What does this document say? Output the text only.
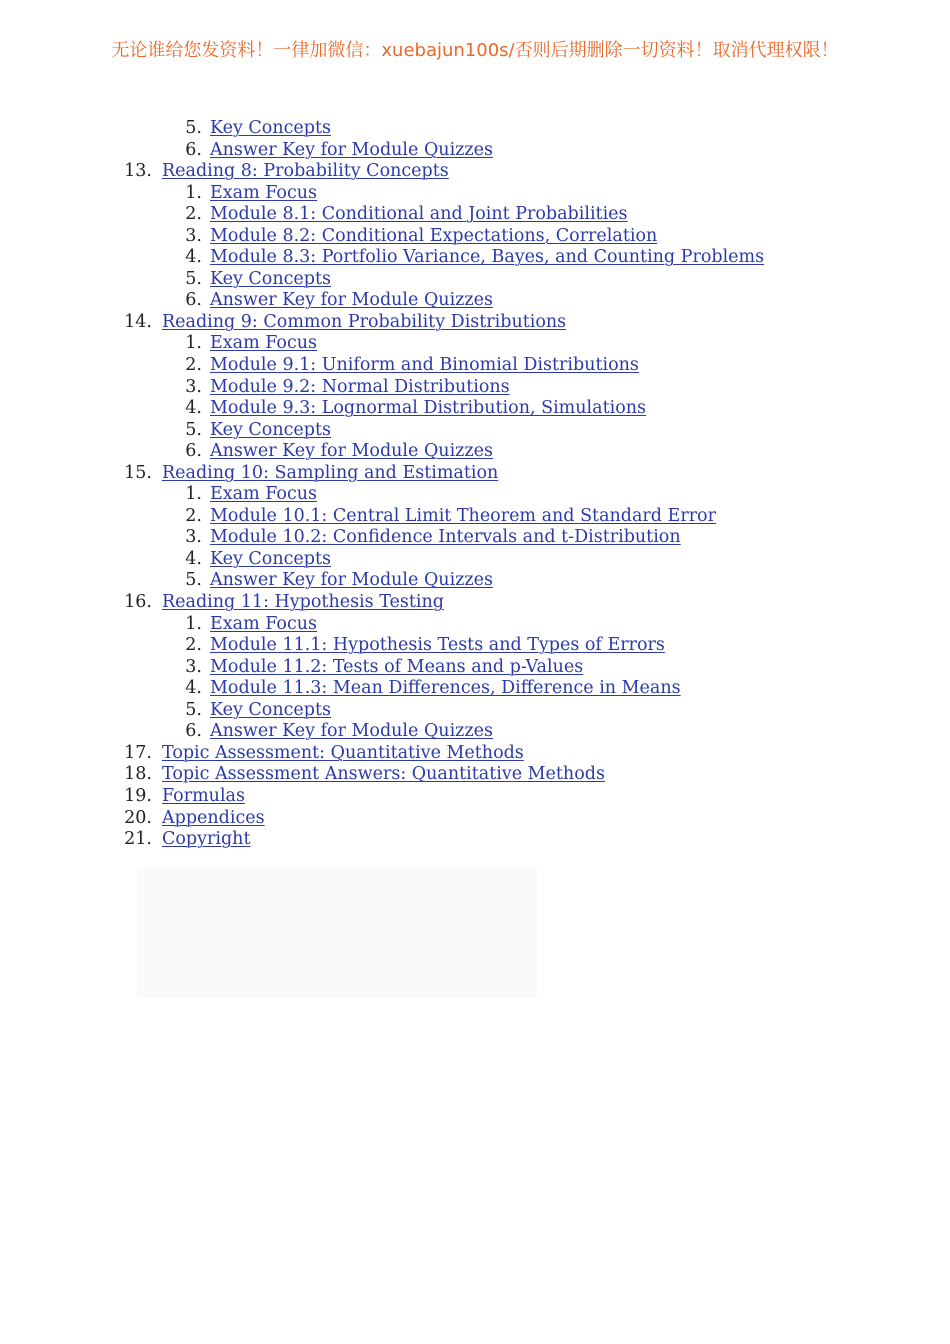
无论谁给您发资料！一律加微信：xuebajun100s/否则后期删除一切资料！取消代理权限！
5. Key Concepts
6. Answer Key for Module Quizzes
13. Reading 8: Probability Concepts
1. Exam Focus
2. Module 8.1: Conditional and Joint Probabilities
3. Module 8.2: Conditional Expectations, Correlation
4. Module 8.3: Portfolio Variance, Bayes, and Counting Problems
5. Key Concepts
6. Answer Key for Module Quizzes
14. Reading 9: Common Probability Distributions
1. Exam Focus
2. Module 9.1: Uniform and Binomial Distributions
3. Module 9.2: Normal Distributions
4. Module 9.3: Lognormal Distribution, Simulations
5. Key Concepts
6. Answer Key for Module Quizzes
15. Reading 10: Sampling and Estimation
1. Exam Focus
2. Module 10.1: Central Limit Theorem and Standard Error
3. Module 10.2: Confidence Intervals and t-Distribution
4. Key Concepts
5. Answer Key for Module Quizzes
16. Reading 11: Hypothesis Testing
1. Exam Focus
2. Module 11.1: Hypothesis Tests and Types of Errors
3. Module 11.2: Tests of Means and p-Values
4. Module 11.3: Mean Differences, Difference in Means
5. Key Concepts
6. Answer Key for Module Quizzes
17. Topic Assessment: Quantitative Methods
18. Topic Assessment Answers: Quantitative Methods
19. Formulas
20. Appendices
21. Copyright
